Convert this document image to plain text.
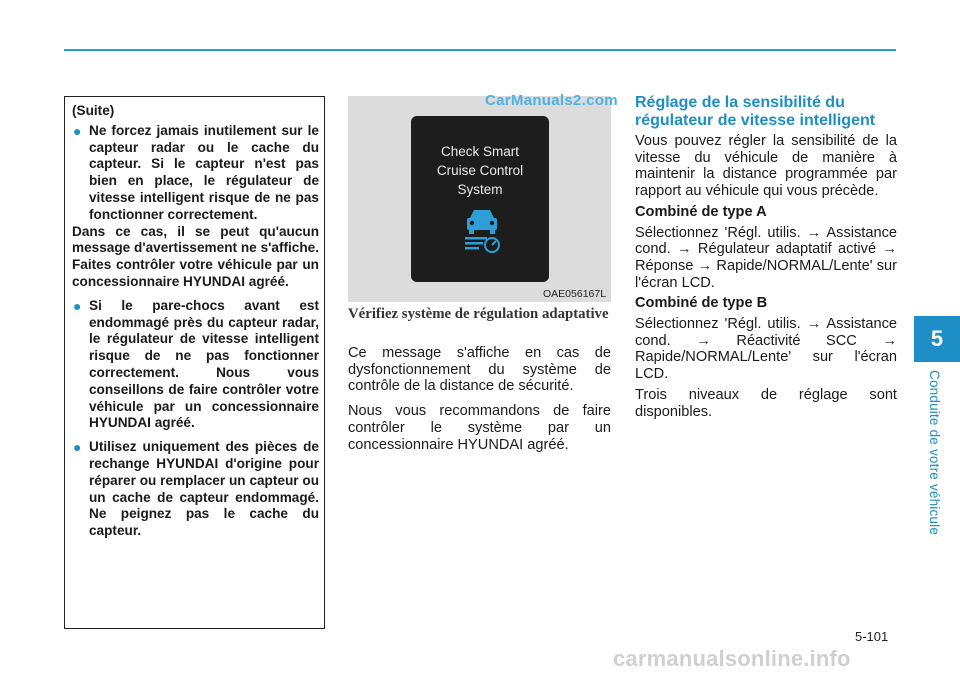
5
Conduite de votre véhicule

(Suite)

● Ne forcez jamais inutilement sur le capteur radar ou le cache du capteur. Si le capteur n'est pas bien en place, le régulateur de vitesse intelligent risque de ne pas fonctionner correctement.

Dans ce cas, il se peut qu'aucun message d'avertissement ne s'affiche. Faites contrôler votre véhicule par un concessionnaire HYUNDAI agréé.

● Si le pare-chocs avant est endommagé près du capteur radar, le régulateur de vitesse intelligent risque de ne pas fonctionner correctement. Nous vous conseillons de faire contrôler votre véhicule par un concessionnaire HYUNDAI agréé.
● Utilisez uniquement des pièces de rechange HYUNDAI d'origine pour réparer ou remplacer un capteur ou un cache de capteur endommagé. Ne peignez pas le cache du capteur.
CarManuals2.com
Check Smart
Cruise Control
System
OAE056167L
Vérifiez système de régulation adaptative

Ce message s'affiche en cas de dysfonctionnement du système de contrôle de la distance de sécurité.

Nous vous recommandons de faire contrôler le système par un concessionnaire HYUNDAI agréé.

Réglage de la sensibilité du régulateur de vitesse intelligent

Vous pouvez régler la sensibilité de la vitesse du véhicule de manière à maintenir la distance programmée par rapport au véhicule qui vous précède.

Combiné de type A

Sélectionnez 'Régl. utilis. → Assistance cond. → Régulateur adaptatif activé → Réponse → Rapide/NORMAL/Lente' sur l'écran LCD.

Combiné de type B

Sélectionnez 'Régl. utilis. → Assistance cond. → Réactivité SCC → Rapide/NORMAL/Lente' sur l'écran LCD.

Trois niveaux de réglage sont disponibles.

5-101
carmanualsonline.info
